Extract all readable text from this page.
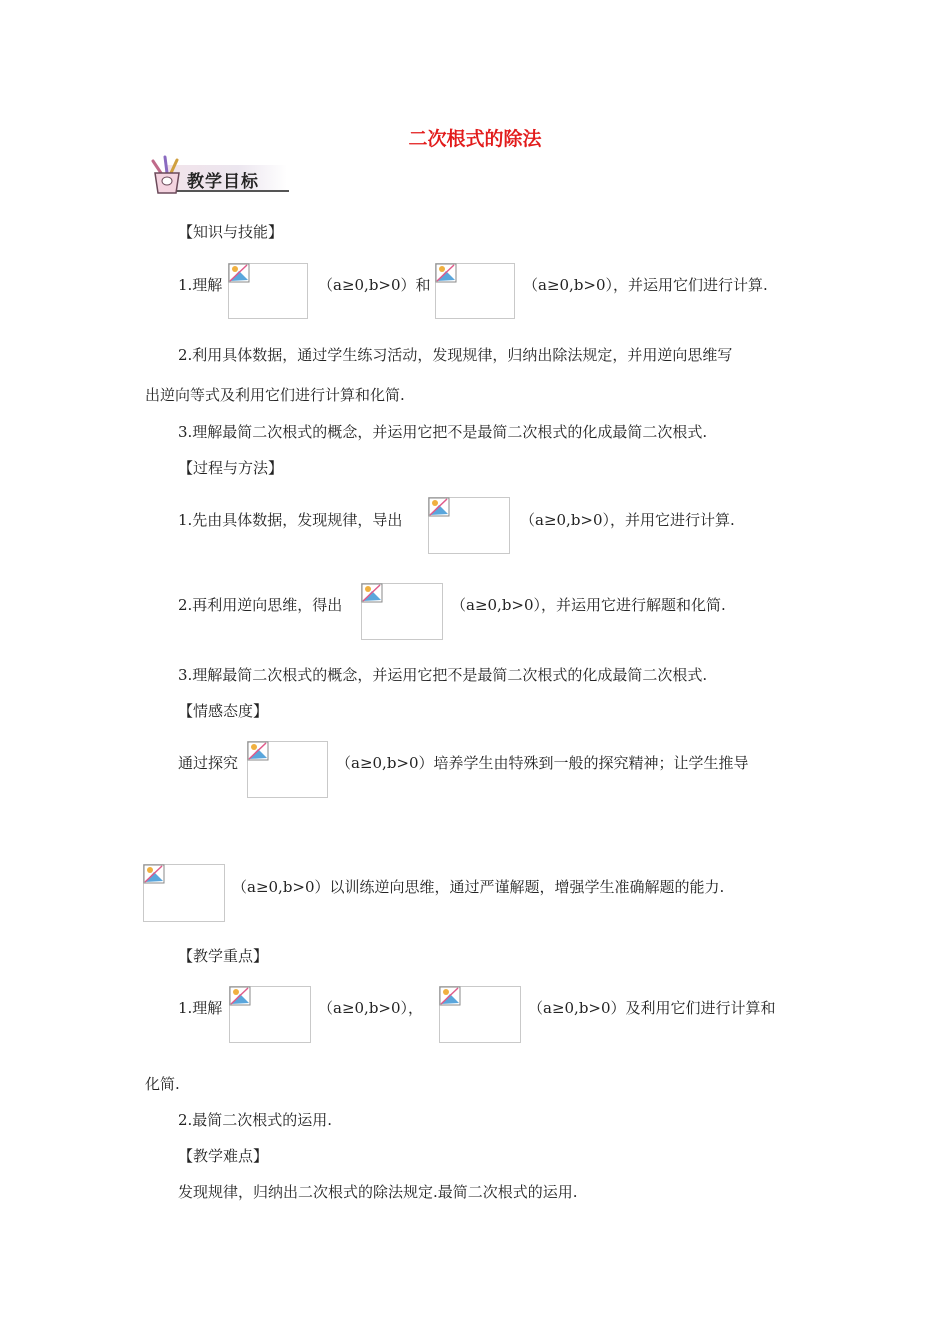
二次根式的除法
教学目标
【知识与技能】
1.理解	（a≥0,b>0）和	（a≥0,b>0），并运用它们进行计算.
2.利用具体数据，通过学生练习活动，发现规律，归纳出除法规定，并用逆向思维写
出逆向等式及利用它们进行计算和化简.
3.理解最简二次根式的概念，并运用它把不是最简二次根式的化成最简二次根式.
【过程与方法】
1.先由具体数据，发现规律，导出	（a≥0,b>0），并用它进行计算.
2.再利用逆向思维，得出	（a≥0,b>0），并运用它进行解题和化简.
3.理解最简二次根式的概念，并运用它把不是最简二次根式的化成最简二次根式.
【情感态度】
通过探究	（a≥0,b>0）培养学生由特殊到一般的探究精神；让学生推导
（a≥0,b>0）以训练逆向思维，通过严谨解题，增强学生准确解题的能力.
【教学重点】
1.理解	（a≥0,b>0），	（a≥0,b>0）及利用它们进行计算和
化简.
2.最简二次根式的运用.
【教学难点】
发现规律，归纳出二次根式的除法规定.最简二次根式的运用.
